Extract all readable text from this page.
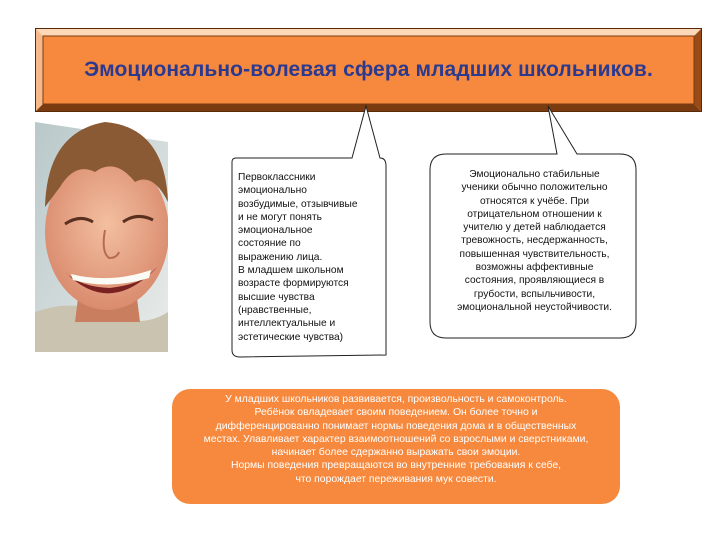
Эмоционально-волевая сфера младших школьников.
Первоклассники
эмоционально
возбудимые, отзывчивые
и не могут понять
эмоциональное
состояние по
выражению лица.
В младшем школьном
возрасте формируются
высшие чувства
(нравственные,
интеллектуальные и
эстетические чувства)
Эмоционально стабильные
ученики обычно положительно
относятся к учёбе. При
отрицательном отношении к
учителю у детей наблюдается
тревожность, несдержанность,
повышенная чувствительность,
возможны аффективные
состояния, проявляющиеся в
грубости, вспыльчивости,
эмоциональной неустойчивости.
У младших школьников развивается, произвольность и самоконтроль.
Ребёнок овладевает своим поведением. Он более точно и
дифференцированно понимает нормы поведения дома и в общественных
местах. Улавливает характер взаимоотношений со взрослыми и сверстниками,
начинает более сдержанно выражать свои эмоции.
Нормы поведения превращаются во внутренние требования к себе,
что порождает переживания мук совести.
